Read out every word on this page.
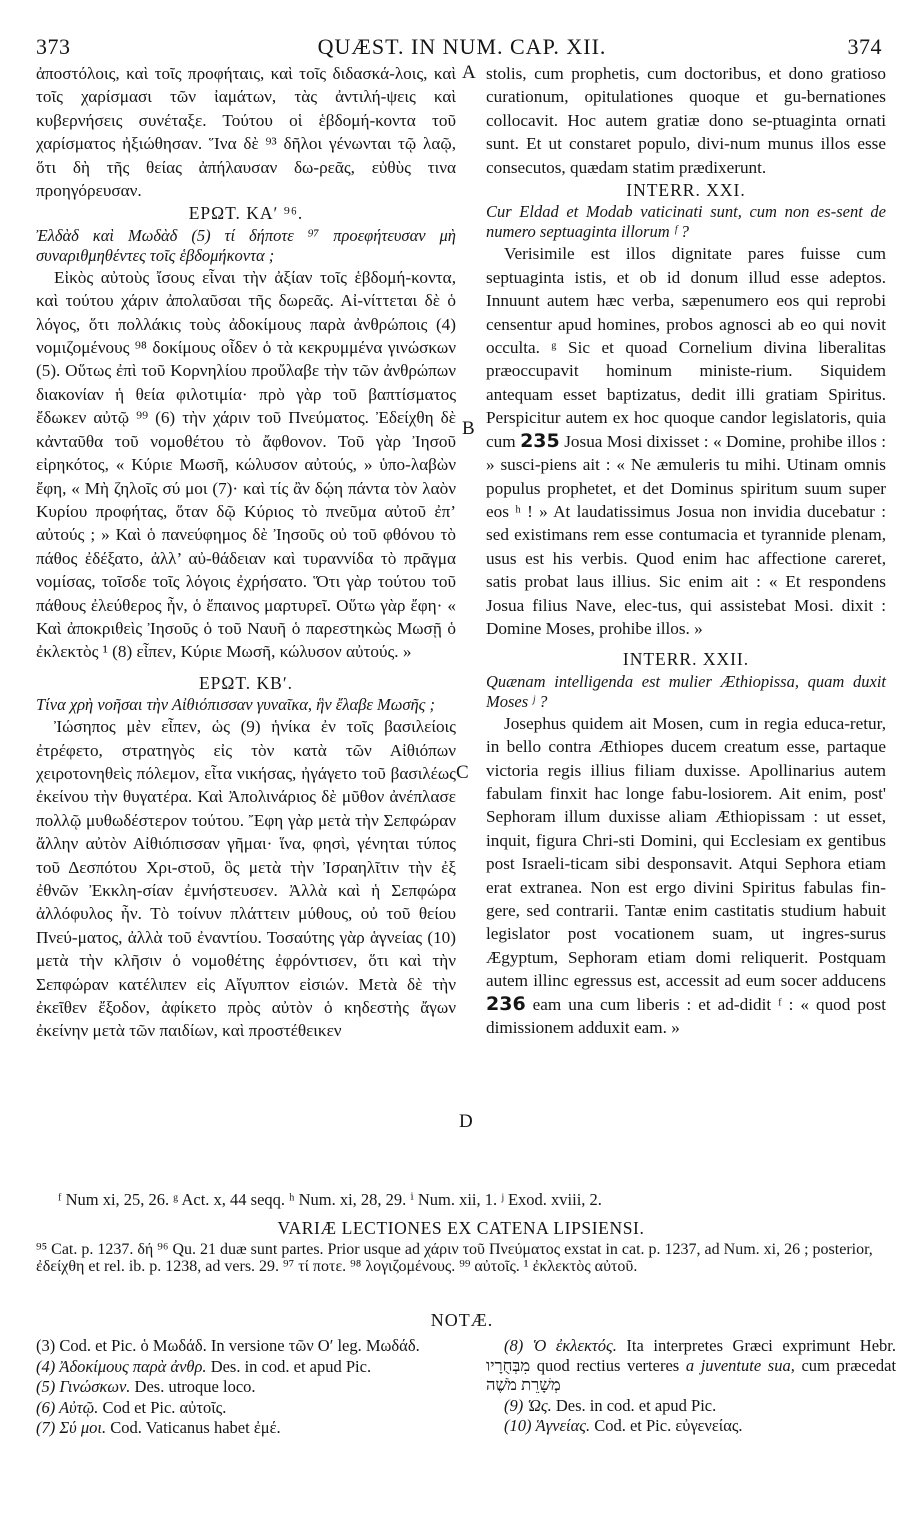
373	QUÆST. IN NUM. CAP. XII.	374
A
B
C
D

ἀποστόλοις, καὶ τοῖς προφήταις, καὶ τοῖς διδασκά-λοις, καὶ τοῖς χαρίσμασι τῶν ἰαμάτων, τὰς ἀντιλή-ψεις καὶ κυβερνήσεις συνέταξε. Τούτου οἱ ἑβδομή-κοντα τοῦ χαρίσματος ἠξιώθησαν. Ἵνα δὲ ⁹³ δῆλοι γένωνται τῷ λαῷ, ὅτι δὴ τῆς θείας ἀπήλαυσαν δω-ρεᾶς, εὐθὺς τινα προηγόρευσαν.

ΕΡΩΤ. ΚΑʹ ⁹⁶.

Ἐλδὰδ καὶ Μωδὰδ (5) τί δήποτε ⁹⁷ προεφήτευσαν μὴ συναριθμηθέντες τοῖς ἑβδομήκοντα ;

Εἰκὸς αὐτοὺς ἴσους εἶναι τὴν ἀξίαν τοῖς ἑβδομή-κοντα, καὶ τούτου χάριν ἀπολαῦσαι τῆς δωρεᾶς. Αἰ-νίττεται δὲ ὁ λόγος, ὅτι πολλάκις τοὺς ἀδοκίμους παρὰ ἀνθρώποις (4) νομιζομένους ⁹⁸ δοκίμους οἶδεν ὁ τὰ κεκρυμμένα γινώσκων (5). Οὕτως ἐπὶ τοῦ Κορνηλίου προὔλαβε τὴν τῶν ἀνθρώπων διακονίαν ἡ θεία φιλοτιμία· πρὸ γὰρ τοῦ βαπτίσματος ἔδωκεν αὐτῷ ⁹⁹ (6) τὴν χάριν τοῦ Πνεύματος. Ἐδείχθη δὲ κἀνταῦθα τοῦ νομοθέτου τὸ ἄφθονον. Τοῦ γὰρ Ἰησοῦ εἰρηκότος, « Κύριε Μωσῆ, κώλυσον αὐτούς, » ὑπο-λαβὼν ἔφη, « Μὴ ζηλοῖς σύ μοι (7)· καὶ τίς ἂν δῴη πάντα τὸν λαὸν Κυρίου προφήτας, ὅταν δῷ Κύριος τὸ πνεῦμα αὐτοῦ ἐπ’ αὐτούς ; » Καὶ ὁ πανεύφημος δὲ Ἰησοῦς οὐ τοῦ φθόνου τὸ πάθος ἐδέξατο, ἀλλ’ αὐ-θάδειαν καὶ τυραννίδα τὸ πρᾶγμα νομίσας, τοῖσδε τοῖς λόγοις ἐχρήσατο. Ὅτι γὰρ τούτου τοῦ πάθους ἐλεύθερος ἦν, ὁ ἔπαινος μαρτυρεῖ. Οὕτω γὰρ ἔφη· « Καὶ ἀποκριθεὶς Ἰησοῦς ὁ τοῦ Ναυῆ ὁ παρεστηκὼς Μωσῇ ὁ ἐκλεκτὸς ¹ (8) εἶπεν, Κύριε Μωσῆ, κώλυσον αὐτούς. »

ΕΡΩΤ. ΚΒʹ.

Τίνα χρὴ νοῆσαι τὴν Αἰθιόπισσαν γυναῖκα, ἣν ἔλαβε Μωσῆς ;

Ἰώσηπος μὲν εἶπεν, ὡς (9) ἡνίκα ἐν τοῖς βασιλείοις ἐτρέφετο, στρατηγὸς εἰς τὸν κατὰ τῶν Αἰθιόπων χειροτονηθεὶς πόλεμον, εἶτα νικήσας, ἠγάγετο τοῦ βασιλέως ἐκείνου τὴν θυγατέρα. Καὶ Ἀπολινάριος δὲ μῦθον ἀνέπλασε πολλῷ μυθωδέστερον τούτου. Ἔφη γὰρ μετὰ τὴν Σεπφώραν ἄλλην αὐτὸν Αἰθιόπισσαν γῆμαι· ἵνα, φησὶ, γένηται τύπος τοῦ Δεσπότου Χρι-στοῦ, ὃς μετὰ τὴν Ἰσραηλῖτιν τὴν ἐξ ἐθνῶν Ἐκκλη-σίαν ἐμνήστευσεν. Ἀλλὰ καὶ ἡ Σεπφώρα ἀλλόφυλος ἦν. Τὸ τοίνυν πλάττειν μύθους, οὐ τοῦ θείου Πνεύ-ματος, ἀλλὰ τοῦ ἐναντίου. Τοσαύτης γὰρ ἁγνείας (10) μετὰ τὴν κλῆσιν ὁ νομοθέτης ἐφρόντισεν, ὅτι καὶ τὴν Σεπφώραν κατέλιπεν εἰς Αἴγυπτον εἰσιών. Μετὰ δὲ τὴν ἐκεῖθεν ἔξοδον, ἀφίκετο πρὸς αὐτὸν ὁ κηδεστὴς ἄγων ἐκείνην μετὰ τῶν παιδίων, καὶ προστέθεικεν

stolis, cum prophetis, cum doctoribus, et dono gratioso curationum, opitulationes quoque et gu-bernationes collocavit. Hoc autem gratiæ dono se-ptuaginta ornati sunt. Et ut constaret populo, divi-num munus illos esse consecutos, quædam statim prædixerunt.

INTERR. XXI.

Cur Eldad et Modab vaticinati sunt, cum non es-sent de numero septuaginta illorum ᶠ ?

Verisimile est illos dignitate pares fuisse cum septuaginta istis, et ob id donum illud esse adeptos. Innuunt autem hæc verba, sæpenumero eos qui reprobi censentur apud homines, probos agnosci ab eo qui novit occulta. ᵍ Sic et quoad Cornelium divina liberalitas præoccupavit hominum ministe-rium. Siquidem antequam esset baptizatus, dedit illi gratiam Spiritus. Perspicitur autem ex hoc quoque candor legislatoris, quia cum 235 Josua Mosi dixisset : « Domine, prohibe illos : » susci-piens ait : « Ne æmuleris tu mihi. Utinam omnis populus prophetet, et det Dominus spiritum suum super eos ʰ ! » At laudatissimus Josua non invidia ducebatur : sed existimans rem esse contumacia et tyrannide plenam, usus est his verbis. Quod enim hac affectione careret, satis probat laus illius. Sic enim ait : « Et respondens Josua filius Nave, elec-tus, qui assistebat Mosi. dixit : Domine Moses, prohibe illos. »

INTERR. XXII.

Quænam intelligenda est mulier Æthiopissa, quam duxit Moses ʲ ?

Josephus quidem ait Mosen, cum in regia educa-retur, in bello contra Æthiopes ducem creatum esse, partaque victoria regis illius filiam duxisse. Apollinarius autem fabulam finxit hac longe fabu-losiorem. Ait enim, post' Sephoram illum duxisse aliam Æthiopissam : ut esset, inquit, figura Chri-sti Domini, qui Ecclesiam ex gentibus post Israeli-ticam sibi desponsavit. Atqui Sephora etiam erat extranea. Non est ergo divini Spiritus fabulas fin-gere, sed contrarii. Tantæ enim castitatis studium habuit legislator post vocationem suam, ut ingres-surus Ægyptum, Sephoram etiam domi reliquerit. Postquam autem illinc egressus est, accessit ad eum socer adducens 236 eam una cum liberis : et ad-didit ᶠ : « quod post dimissionem adduxit eam. »

ᶠ Num xi, 25, 26. ᵍ Act. x, 44 seqq. ʰ Num. xi, 28, 29. ⁱ Num. xii, 1. ʲ Exod. xviii, 2.
VARIÆ LECTIONES EX CATENA LIPSIENSI.
⁹⁵ Cat. p. 1237. δή ⁹⁶ Qu. 21 duæ sunt partes. Prior usque ad χάριν τοῦ Πνεύματος exstat in cat. p. 1237, ad Num. xi, 26 ; posterior, ἐδείχθη et rel. ib. p. 1238, ad vers. 29. ⁹⁷ τί ποτε. ⁹⁸ λογιζομένους. ⁹⁹ αὐτοῖς. ¹ ἐκλεκτὸς αὐτοῦ.
NOTÆ.

(3) Cod. et Pic. ὁ Μωδάδ. In versione τῶν Οʹ leg. Μωδάδ.

(4) Ἀδοκίμους παρὰ ἀνθρ. Des. in cod. et apud Pic.

(5) Γινώσκων. Des. utroque loco.

(6) Αὐτῷ. Cod et Pic. αὐτοῖς.

(7) Σύ μοι. Cod. Vaticanus habet ἐμέ.

(8) Ὁ ἐκλεκτός. Ita interpretes Græci exprimunt Hebr. מִבְּחֻרָיו quod rectius verteres a juventute sua, cum præcedat מְשָׁרֵת מֹשֶׁה

(9) Ὡς. Des. in cod. et apud Pic.

(10) Ἁγνείας. Cod. et Pic. εὐγενείας.
